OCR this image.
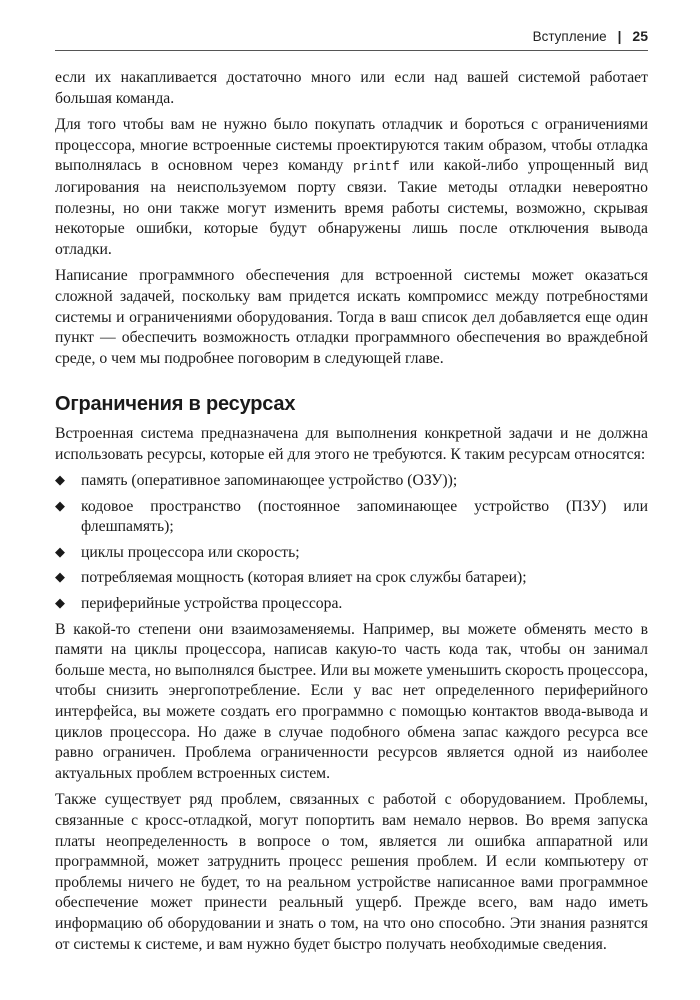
Вступление | 25

если их накапливается достаточно много или если над вашей системой работает большая команда.

Для того чтобы вам не нужно было покупать отладчик и бороться с ограничениями процессора, многие встроенные системы проектируются таким образом, чтобы отладка выполнялась в основном через команду printf или какой-либо упрощенный вид логирования на неиспользуемом порту связи. Такие методы отладки невероятно полезны, но они также могут изменить время работы системы, возможно, скрывая некоторые ошибки, которые будут обнаружены лишь после отключения вывода отладки.

Написание программного обеспечения для встроенной системы может оказаться сложной задачей, поскольку вам придется искать компромисс между потребностями системы и ограничениями оборудования. Тогда в ваш список дел добавляется еще один пункт — обеспечить возможность отладки программного обеспечения во враждебной среде, о чем мы подробнее поговорим в следующей главе.

Ограничения в ресурсах

Встроенная система предназначена для выполнения конкретной задачи и не должна использовать ресурсы, которые ей для этого не требуются. К таким ресурсам относятся:

◆ память (оперативное запоминающее устройство (ОЗУ));
◆ кодовое пространство (постоянное запоминающее устройство (ПЗУ) или флешпамять);
◆ циклы процессора или скорость;
◆ потребляемая мощность (которая влияет на срок службы батареи);
◆ периферийные устройства процессора.

В какой-то степени они взаимозаменяемы. Например, вы можете обменять место в памяти на циклы процессора, написав какую-то часть кода так, чтобы он занимал больше места, но выполнялся быстрее. Или вы можете уменьшить скорость процессора, чтобы снизить энергопотребление. Если у вас нет определенного периферийного интерфейса, вы можете создать его программно с помощью контактов ввода-вывода и циклов процессора. Но даже в случае подобного обмена запас каждого ресурса все равно ограничен. Проблема ограниченности ресурсов является одной из наиболее актуальных проблем встроенных систем.

Также существует ряд проблем, связанных с работой с оборудованием. Проблемы, связанные с кросс-отладкой, могут попортить вам немало нервов. Во время запуска платы неопределенность в вопросе о том, является ли ошибка аппаратной или программной, может затруднить процесс решения проблем. И если компьютеру от проблемы ничего не будет, то на реальном устройстве написанное вами программное обеспечение может принести реальный ущерб. Прежде всего, вам надо иметь информацию об оборудовании и знать о том, на что оно способно. Эти знания разнятся от системы к системе, и вам нужно будет быстро получать необходимые сведения.
